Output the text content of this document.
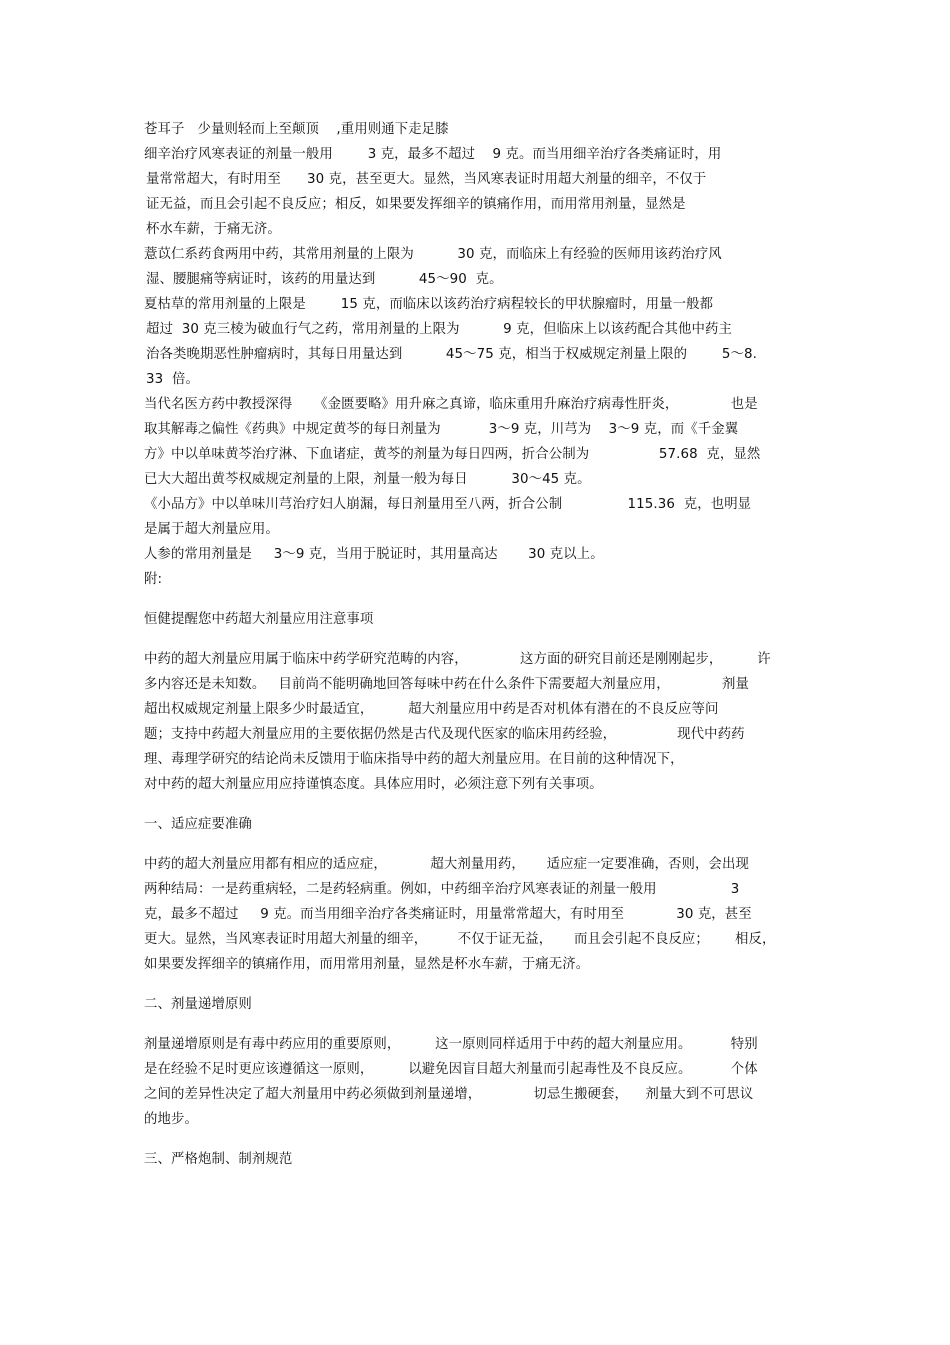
苍耳子   少量则轻而上至颠顶    ,重用则通下走足膝
细辛治疗风寒表证的剂量一般用        3 克，最多不超过    9 克。而当用细辛治疗各类痛证时，用
量常常超大，有时用至      30 克，甚至更大。显然，当风寒表证时用超大剂量的细辛，不仅于
证无益，而且会引起不良反应；相反，如果要发挥细辛的镇痛作用，而用常用剂量，显然是
杯水车薪，于痛无济。
薏苡仁系药食两用中药，其常用剂量的上限为          30 克，而临床上有经验的医师用该药治疗风
湿、腰腿痛等病证时，该药的用量达到          45～90  克。
夏枯草的常用剂量的上限是        15 克，而临床以该药治疗病程较长的甲状腺瘤时，用量一般都
超过  30 克三棱为破血行气之药，常用剂量的上限为          9 克，但临床上以该药配合其他中药主
治各类晚期恶性肿瘤病时，其每日用量达到          45～75 克，相当于权威规定剂量上限的        5～8.
33  倍。
当代名医方药中教授深得     《金匮要略》用升麻之真谛，临床重用升麻治疗病毒性肝炎，            也是
取其解毒之偏性《药典》中规定黄芩的每日剂量为           3～9 克，川芎为    3～9 克，而《千金翼
方》中以单味黄芩治疗淋、下血诸症，黄芩的剂量为每日四两，折合公制为                57.68  克，显然
已大大超出黄芩权威规定剂量的上限，剂量一般为每日          30～45 克。
《小品方》中以单味川芎治疗妇人崩漏，每日剂量用至八两，折合公制               115.36  克，也明显
是属于超大剂量应用。
人参的常用剂量是     3～9 克，当用于脱证时，其用量高达       30 克以上。
附:
恒健提醒您中药超大剂量应用注意事项
中药的超大剂量应用属于临床中药学研究范畴的内容，            这方面的研究目前还是刚刚起步，        许
多内容还是未知数。   目前尚不能明确地回答每味中药在什么条件下需要超大剂量应用，            剂量
超出权威规定剂量上限多少时最适宜，        超大剂量应用中药是否对机体有潜在的不良反应等问
题；支持中药超大剂量应用的主要依据仍然是古代及现代医家的临床用药经验，              现代中药药
理、毒理学研究的结论尚未反馈用于临床指导中药的超大剂量应用。在目前的这种情况下，
对中药的超大剂量应用应持谨慎态度。具体应用时，必须注意下列有关事项。
一、适应症要准确
中药的超大剂量应用都有相应的适应症，          超大剂量用药，     适应症一定要准确，否则，会出现
两种结局：一是药重病轻，二是药轻病重。例如，中药细辛治疗风寒表证的剂量一般用                 3
克，最多不超过     9 克。而当用细辛治疗各类痛证时，用量常常超大，有时用至            30 克，甚至
更大。显然，当风寒表证时用超大剂量的细辛，       不仅于证无益，     而且会引起不良反应；      相反，
如果要发挥细辛的镇痛作用，而用常用剂量，显然是杯水车薪，于痛无济。
二、剂量递增原则
剂量递增原则是有毒中药应用的重要原则，        这一原则同样适用于中药的超大剂量应用。         特别
是在经验不足时更应该遵循这一原则，        以避免因盲目超大剂量而引起毒性及不良反应。         个体
之间的差异性决定了超大剂量用中药必须做到剂量递增，            切忌生搬硬套，    剂量大到不可思议
的地步。
三、严格炮制、制剂规范
